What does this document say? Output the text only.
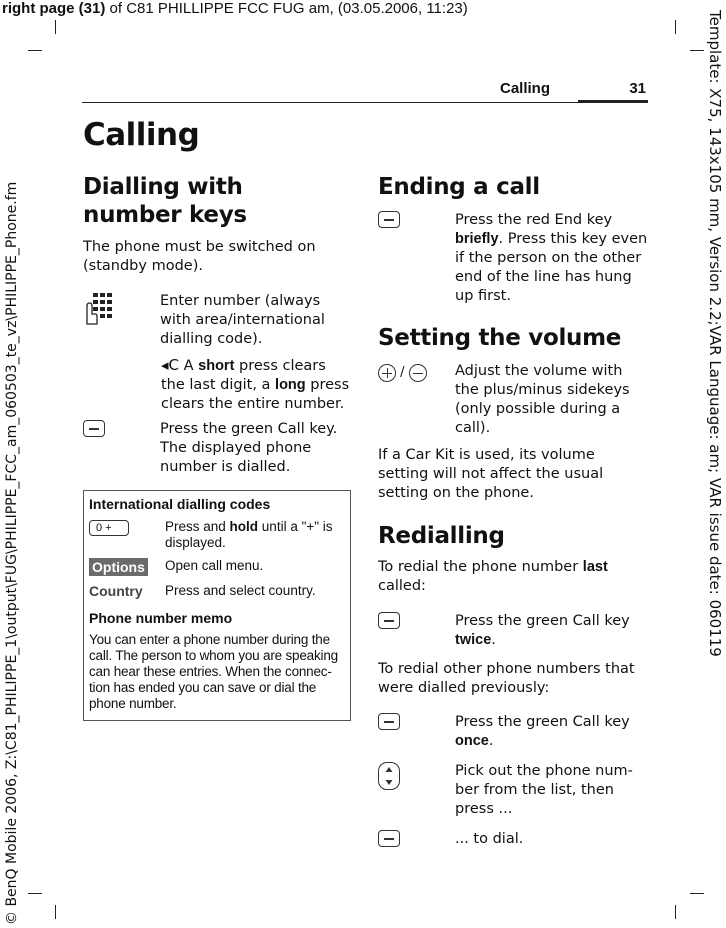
right page (31) of C81 PHILLIPPE FCC FUG am, (03.05.2006, 11:23)
Template: X75, 143x105 mm, Version 2.2;VAR Language: am; VAR issue date: 060119
© BenQ Mobile 2006, Z:\C81_PHILIPPE_1\output\FUG\PHILIPPE_FCC_am_060503_te_vz\PHILIPPE_Phone.fm
Calling	31
Calling
Dialling with number keys

The phone must be switched on (standby mode).

Enter number (always with area/international dialling code).
◂C A short press clears the last digit, a long press clears the entire number.
Press the green Call key. The displayed phone number is dialled.
International dialling codes
0 +	Press and hold until a "+" is displayed.
Options	Open call menu.
Country	Press and select country.
Phone number memo
You can enter a phone number during the call. The person to whom you are speaking can hear these entries. When the connec-tion has ended you can save or dial the phone number.
Ending a call
Press the red End key briefly. Press this key even if the person on the other end of the line has hung up first.
Setting the volume
/	Adjust the volume with the plus/minus sidekeys (only possible during a call).

If a Car Kit is used, its volume setting will not affect the usual setting on the phone.

Redialling

To redial the phone number last called:

Press the green Call key twice.

To redial other phone numbers that were dialled previously:

Press the green Call key once.
Pick out the phone num-ber from the list, then press ...
... to dial.
